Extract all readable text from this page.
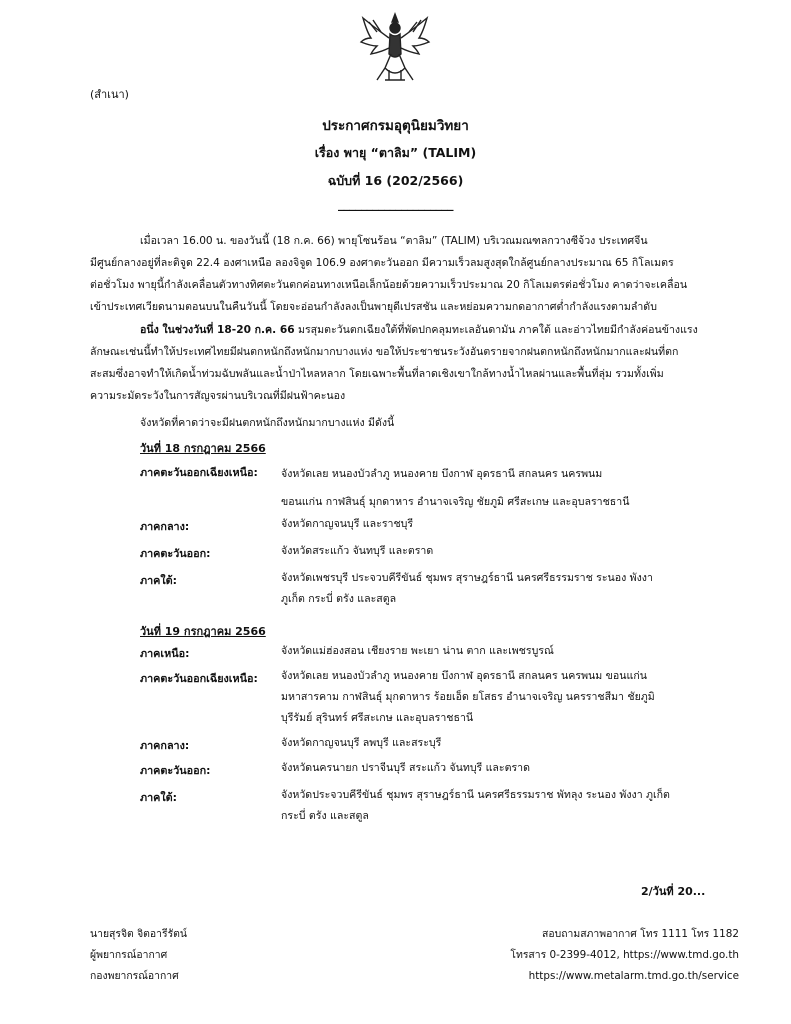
(สำเนา)
ประกาศกรมอุตุนิยมวิทยา
เรื่อง พายุ “ตาลิม” (TALIM)
ฉบับที่ 16 (202/2566)
____________________
เมื่อเวลา 16.00 น. ของวันนี้ (18 ก.ค. 66) พายุโซนร้อน “ตาลิม” (TALIM) บริเวณมณฑลกวางซีจ้วง ประเทศจีน
มีศูนย์กลางอยู่ที่ละติจูด 22.4 องศาเหนือ ลองจิจูด 106.9 องศาตะวันออก มีความเร็วลมสูงสุดใกล้ศูนย์กลางประมาณ 65 กิโลเมตร
ต่อชั่วโมง พายุนี้กำลังเคลื่อนตัวทางทิศตะวันตกค่อนทางเหนือเล็กน้อยด้วยความเร็วประมาณ 20 กิโลเมตรต่อชั่วโมง คาดว่าจะเคลื่อน
เข้าประเทศเวียดนามตอนบนในคืนวันนี้ โดยจะอ่อนกำลังลงเป็นพายุดีเปรสชัน และหย่อมความกดอากาศต่ำกำลังแรงตามลำดับ
อนึ่ง ในช่วงวันที่ 18-20 ก.ค. 66 มรสุมตะวันตกเฉียงใต้ที่พัดปกคลุมทะเลอันดามัน ภาคใต้ และอ่าวไทยมีกำลังค่อนข้างแรง
ลักษณะเช่นนี้ทำให้ประเทศไทยมีฝนตกหนักถึงหนักมากบางแห่ง ขอให้ประชาชนระวังอันตรายจากฝนตกหนักถึงหนักมากและฝนที่ตก
สะสมซึ่งอาจทำให้เกิดน้ำท่วมฉับพลันและน้ำป่าไหลหลาก โดยเฉพาะพื้นที่ลาดเชิงเขาใกล้ทางน้ำไหลผ่านและพื้นที่ลุ่ม รวมทั้งเพิ่ม
ความระมัดระวังในการสัญจรผ่านบริเวณที่มีฝนฟ้าคะนอง
จังหวัดที่คาดว่าจะมีฝนตกหนักถึงหนักมากบางแห่ง มีดังนี้
วันที่ 18 กรกฎาคม 2566
ภาคตะวันออกเฉียงเหนือ: จังหวัดเลย หนองบัวลำภู หนองคาย บึงกาฬ อุดรธานี สกลนคร นครพนม
ขอนแก่น กาฬสินธุ์ มุกดาหาร อำนาจเจริญ ชัยภูมิ ศรีสะเกษ และอุบลราชธานี
ภาคกลาง:	จังหวัดกาญจนบุรี และราชบุรี
ภาคตะวันออก:	จังหวัดสระแก้ว จันทบุรี และตราด
ภาคใต้:	จังหวัดเพชรบุรี ประจวบคีรีขันธ์ ชุมพร สุราษฎร์ธานี นครศรีธรรมราช ระนอง พังงา
ภูเก็ต กระบี่ ตรัง และสตูล
วันที่ 19 กรกฎาคม 2566
ภาคเหนือ:	จังหวัดแม่ฮ่องสอน เชียงราย พะเยา น่าน ตาก และเพชรบูรณ์
ภาคตะวันออกเฉียงเหนือ: จังหวัดเลย หนองบัวลำภู หนองคาย บึงกาฬ อุดรธานี สกลนคร นครพนม ขอนแก่น
มหาสารคาม กาฬสินธุ์ มุกดาหาร ร้อยเอ็ด ยโสธร อำนาจเจริญ นครราชสีมา ชัยภูมิ
บุรีรัมย์ สุรินทร์ ศรีสะเกษ และอุบลราชธานี
ภาคกลาง:	จังหวัดกาญจนบุรี ลพบุรี และสระบุรี
ภาคตะวันออก:	จังหวัดนครนายก ปราจีนบุรี สระแก้ว จันทบุรี และตราด
ภาคใต้:	จังหวัดประจวบคีรีขันธ์ ชุมพร สุราษฎร์ธานี นครศรีธรรมราช พัทลุง ระนอง พังงา ภูเก็ต
กระบี่ ตรัง และสตูล
2/วันที่ 20...
นายสุรจิต จิตอารีรัตน์
ผู้พยากรณ์อากาศ
กองพยากรณ์อากาศ
สอบถามสภาพอากาศ โทร 1111 โทร 1182
โทรสาร 0-2399-4012, https://www.tmd.go.th
https://www.metalarm.tmd.go.th/service
